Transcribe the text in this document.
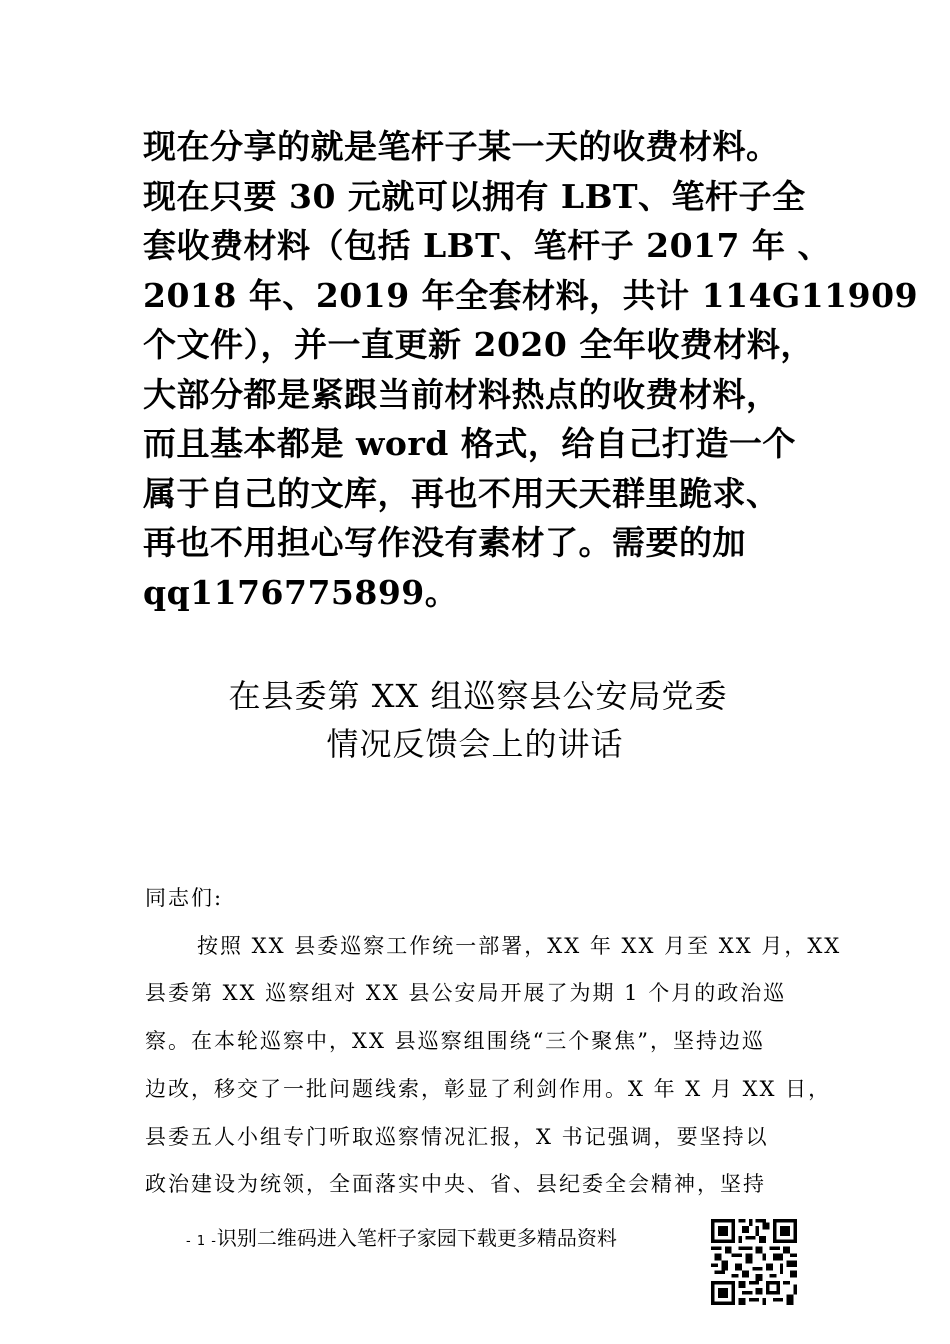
现在分享的就是笔杆子某一天的收费材料。

现在只要 30 元就可以拥有 LBT、笔杆子全

套收费材料（包括 LBT、笔杆子 2017 年 、

2018 年、2019 年全套材料，共计 114G11909

个文件），并一直更新 2020 全年收费材料，

大部分都是紧跟当前材料热点的收费材料，

而且基本都是 word 格式，给自己打造一个

属于自己的文库，再也不用天天群里跪求、

再也不用担心写作没有素材了。需要的加

qq1176775899。

在县委第 XX 组巡察县公安局党委

情况反馈会上的讲话

同志们:

按照 XX 县委巡察工作统一部署，XX 年 XX 月至 XX 月，XX

县委第 XX 巡察组对 XX 县公安局开展了为期 1 个月的政治巡

察。在本轮巡察中，XX 县巡察组围绕“三个聚焦”，坚持边巡

边改，移交了一批问题线索，彰显了利剑作用。X 年 X 月 XX 日，

县委五人小组专门听取巡察情况汇报，X 书记强调，要坚持以

政治建设为统领，全面落实中央、省、县纪委全会精神，坚持

- 1 -识别二维码进入笔杆子家园下载更多精品资料
